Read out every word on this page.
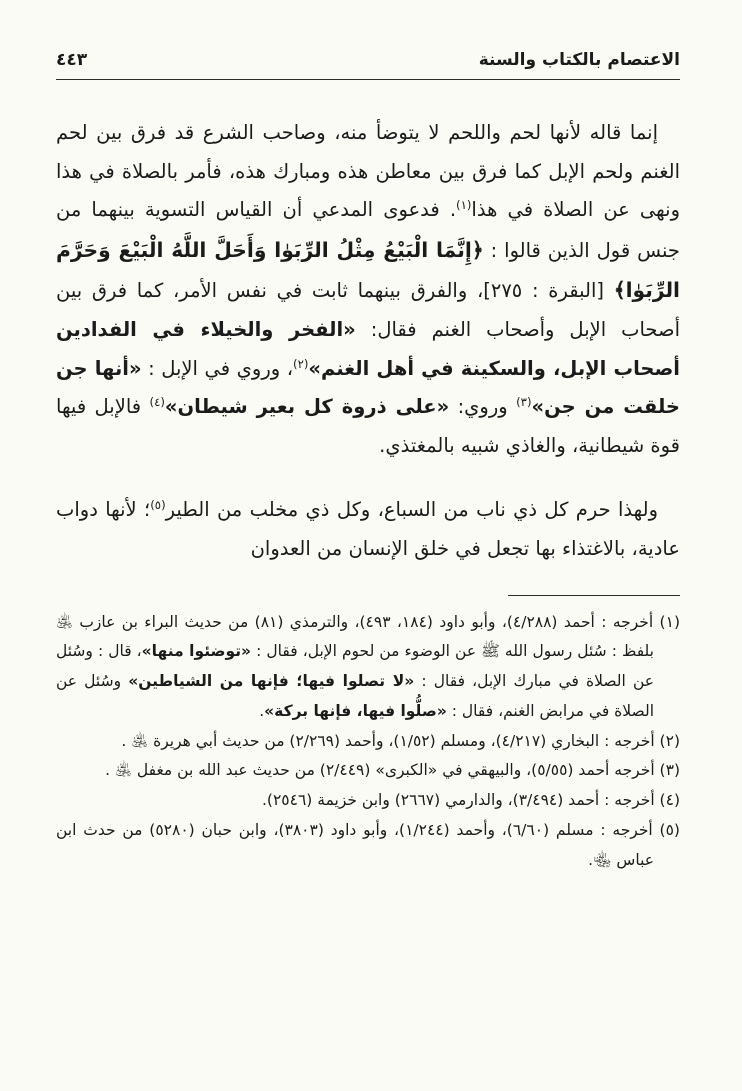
الاعتصام بالكتاب والسنة
٤٤٣

إنما قاله لأنها لحم واللحم لا يتوضأ منه، وصاحب الشرع قد فرق بين لحم الغنم ولحم الإبل كما فرق بين معاطن هذه ومبارك هذه، فأمر بالصلاة في هذا ونهى عن الصلاة في هذا$^{(١)}$. فدعوى المدعي أن القياس التسوية بينهما من جنس قول الذين قالوا : ﴿إِنَّمَا الْبَيْعُ مِثْلُ الرِّبَوٰا وَأَحَلَّ اللَّهُ الْبَيْعَ وَحَرَّمَ الرِّبَوٰا﴾ [البقرة : ٢٧٥]، والفرق بينهما ثابت في نفس الأمر، كما فرق بين أصحاب الإبل وأصحاب الغنم فقال: «الفخر والخيلاء في الفدادين أصحاب الإبل، والسكينة في أهل الغنم»$^{(٢)}$، وروي في الإبل : «أنها جن خلقت من جن»$^{(٣)}$ وروي: «على ذروة كل بعير شيطان»$^{(٤)}$ فالإبل فيها قوة شيطانية، والغاذي شبيه بالمغتذي.

ولهذا حرم كل ذي ناب من السباع، وكل ذي مخلب من الطير$^{(٥)}$؛ لأنها دواب عادية، بالاغتذاء بها تجعل في خلق الإنسان من العدوان

(١) أخرجه : أحمد (٤/٢٨٨)، وأبو داود (١٨٤، ٤٩٣)، والترمذي (٨١) من حديث البراء بن عازب ﵁ بلفظ : سُئل رسول الله ﷺ عن الوضوء من لحوم الإبل، فقال : «توضئوا منها»، قال : وسُئل عن الصلاة في مبارك الإبل، فقال : «لا تصلوا فيها؛ فإنها من الشياطين» وسُئل عن الصلاة في مرابض الغنم، فقال : «صلُّوا فيها، فإنها بركة».
(٢) أخرجه : البخاري (٤/٢١٧)، ومسلم (١/٥٢)، وأحمد (٢/٢٦٩) من حديث أبي هريرة ﵁ .
(٣) أخرجه أحمد (٥/٥٥)، والبيهقي في «الكبرى» (٢/٤٤٩) من حديث عبد الله بن مغفل ﵁ .
(٤) أخرجه : أحمد (٣/٤٩٤)، والدارمي (٢٦٦٧) وابن خزيمة (٢٥٤٦).
(٥) أخرجه : مسلم (٦/٦٠)، وأحمد (١/٢٤٤)، وأبو داود (٣٨٠٣)، وابن حبان (٥٢٨٠) من حدث ابن عباس ﵄.
